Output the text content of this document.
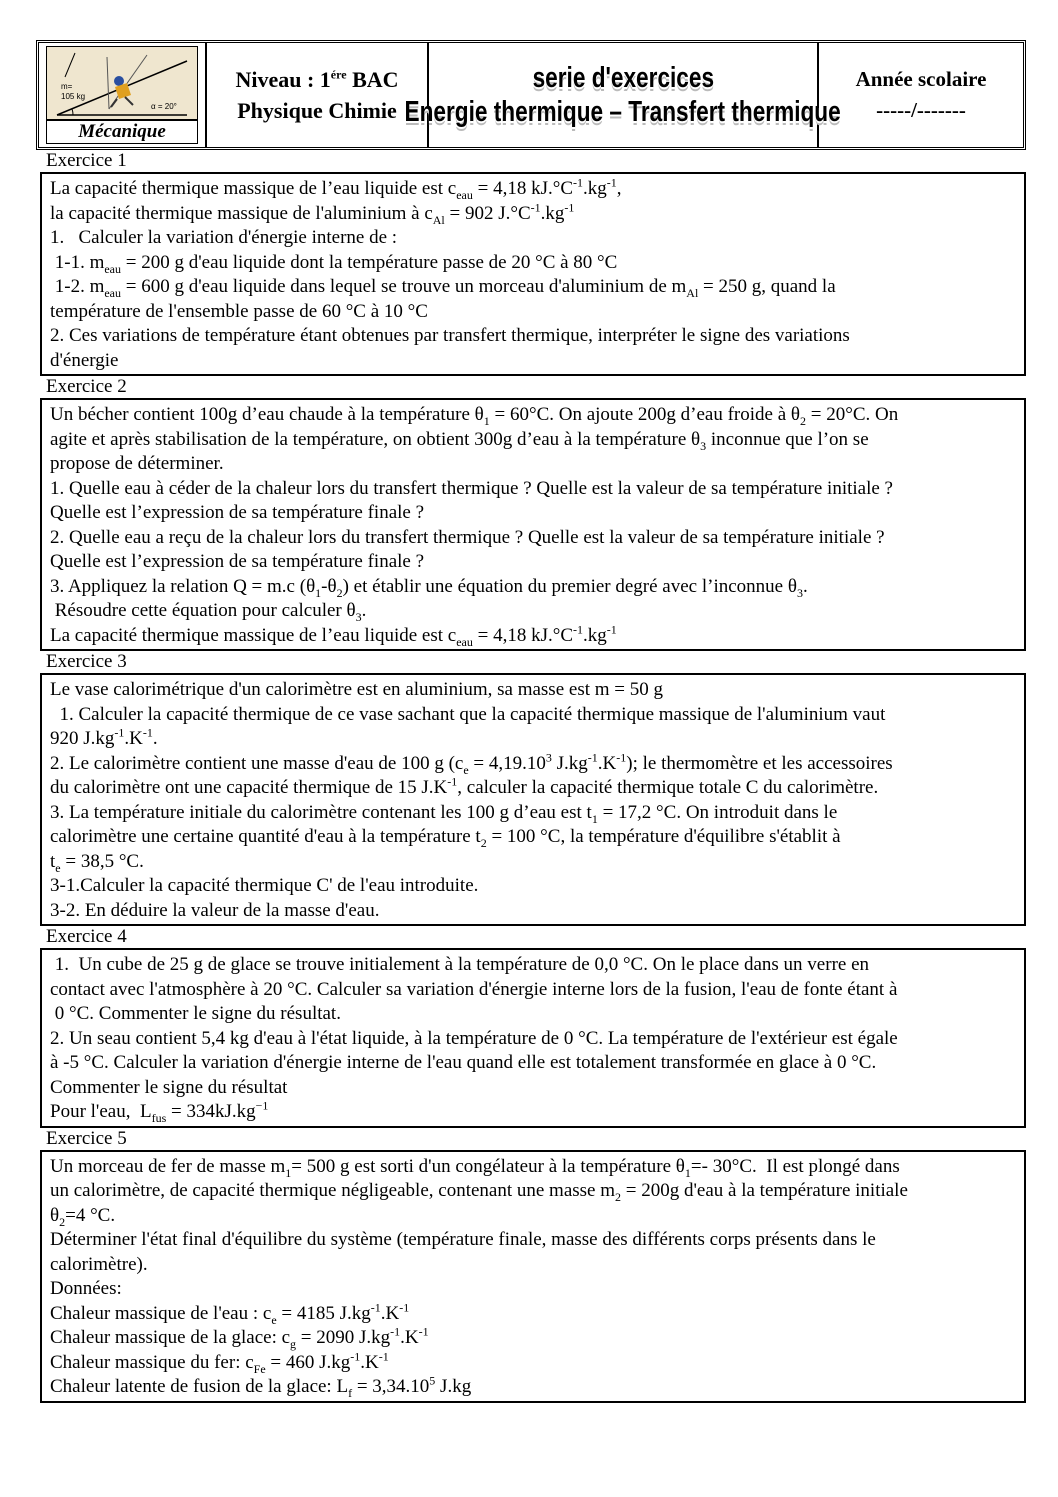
m=
105 kg
α = 20°
Mécanique
Niveau : $1^{ére}$ BAC
Physique Chimie
serie d'exercices
Energie thermique – Transfert thermique
Année scolaire
-----/-------
Exercice 1

La capacité thermique massique de l’eau liquide est $c_{eau} = 4,18$ $kJ.^\circ C^{-1}.kg^{-1}$,

la capacité thermique massique de l'aluminium à $c_{Al} = 902$ $J.^\circ C^{-1}.kg^{-1}$

1.   Calculer la variation d'énergie interne de :

1-1. $m_{eau} = 200$ g d'eau liquide dont la température passe de 20 °C à 80 °C

1-2. $m_{eau} = 600$ g d'eau liquide dans lequel se trouve un morceau d'aluminium de $m_{Al} = 250$ g, quand la

température de l'ensemble passe de 60 °C à 10 °C

2. Ces variations de température étant obtenues par transfert thermique, interpréter le signe des variations

d'énergie

Exercice 2

Un bécher contient 100g d’eau chaude à la température $\theta_1 = 60^\circ C$. On ajoute 200g d’eau froide à $\theta_2 = 20^\circ C$. On

agite et après stabilisation de la température, on obtient 300g d’eau à la température $\theta_3$ inconnue que l’on se

propose de déterminer.

1. Quelle eau à céder de la chaleur lors du transfert thermique ? Quelle est la valeur de sa température initiale ?

Quelle est l’expression de sa température finale ?

2. Quelle eau a reçu de la chaleur lors du transfert thermique ? Quelle est la valeur de sa température initiale ?

Quelle est l’expression de sa température finale ?

3. Appliquez la relation Q = m.c $(\theta_1-\theta_2)$ et établir une équation du premier degré avec l’inconnue $\theta_3$.

Résoudre cette équation pour calculer $\theta_3$.

La capacité thermique massique de l’eau liquide est $c_{eau} = 4,18$ $kJ.^\circ C^{-1}.kg^{-1}$

Exercice 3

Le vase calorimétrique d'un calorimètre est en aluminium, sa masse est m = 50 g

1. Calculer la capacité thermique de ce vase sachant que la capacité thermique massique de l'aluminium vaut

920 $J.kg^{-1}.K^{-1}$.

2. Le calorimètre contient une masse d'eau de 100 g ($c_e = 4,19.10^3$ $J.kg^{-1}.K^{-1}$); le thermomètre et les accessoires

du calorimètre ont une capacité thermique de 15 $J.K^{-1}$, calculer la capacité thermique totale C du calorimètre.

3. La température initiale du calorimètre contenant les 100 g d’eau est $t_1 = 17,2$ °C. On introduit dans le

calorimètre une certaine quantité d'eau à la température $t_2 = 100$ °C, la température d'équilibre s'établit à

$t_e = 38,5$ °C.

3-1.Calculer la capacité thermique C' de l'eau introduite.

3-2. En déduire la valeur de la masse d'eau.

Exercice 4

1.  Un cube de 25 g de glace se trouve initialement à la température de 0,0 °C. On le place dans un verre en

contact avec l'atmosphère à 20 °C. Calculer sa variation d'énergie interne lors de la fusion, l'eau de fonte étant à

0 °C. Commenter le signe du résultat.

2. Un seau contient 5,4 kg d'eau à l'état liquide, à la température de 0 °C. La température de l'extérieur est égale

à -5 °C. Calculer la variation d'énergie interne de l'eau quand elle est totalement transformée en glace à 0 °C.

Commenter le signe du résultat

Pour l'eau,  $L_{fus} = 334kJ.kg^{-1}$

Exercice 5

Un morceau de fer de masse $m_1= 500$ g est sorti d'un congélateur à la température $\theta_1=-$ 30°C.  Il est plongé dans

un calorimètre, de capacité thermique négligeable, contenant une masse $m_2 = 200g$ d'eau à la température initiale

$\theta_2=4$ °C.

Déterminer l'état final d'équilibre du système (température finale, masse des différents corps présents dans le

calorimètre).

Données:

Chaleur massique de l'eau : $c_e = 4185$ $J.kg^{-1}.K^{-1}$

Chaleur massique de la glace: $c_g = 2090$ $J.kg^{-1}.K^{-1}$

Chaleur massique du fer: $c_{Fe} = 460$ $J.kg^{-1}.K^{-1}$

Chaleur latente de fusion de la glace: $L_f = 3,34.10^5$ J.kg
